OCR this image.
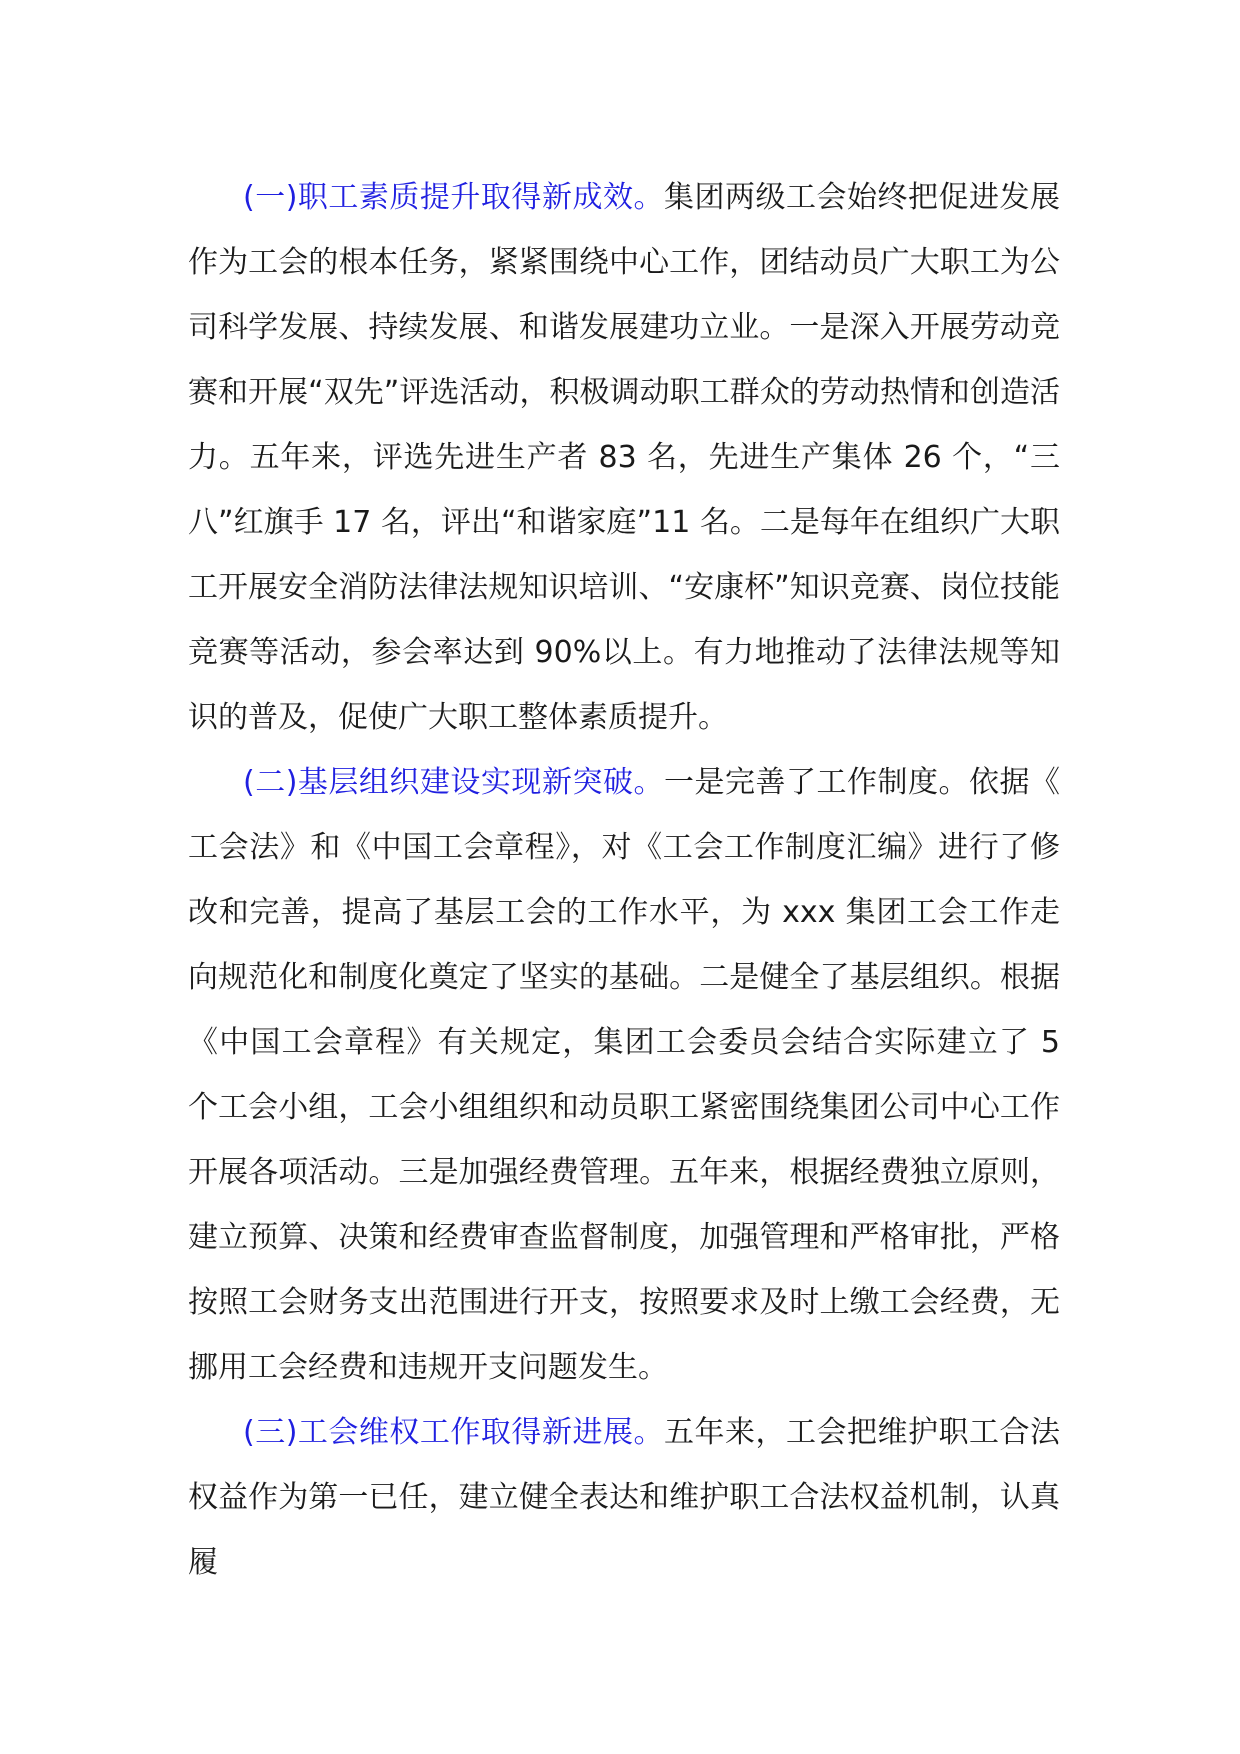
(一)职工素质提升取得新成效。集团两级工会始终把促进发展作为工会的根本任务，紧紧围绕中心工作，团结动员广大职工为公司科学发展、持续发展、和谐发展建功立业。一是深入开展劳动竞赛和开展“双先”评选活动，积极调动职工群众的劳动热情和创造活力。五年来，评选先进生产者 83 名，先进生产集体 26 个，“三八”红旗手 17 名，评出“和谐家庭”11 名。二是每年在组织广大职工开展安全消防法律法规知识培训、“安康杯”知识竞赛、岗位技能竞赛等活动，参会率达到 90%以上。有力地推动了法律法规等知识的普及，促使广大职工整体素质提升。

(二)基层组织建设实现新突破。一是完善了工作制度。依据《工会法》和《中国工会章程》，对《工会工作制度汇编》进行了修改和完善，提高了基层工会的工作水平，为 xxx 集团工会工作走向规范化和制度化奠定了坚实的基础。二是健全了基层组织。根据《中国工会章程》有关规定，集团工会委员会结合实际建立了 5 个工会小组，工会小组组织和动员职工紧密围绕集团公司中心工作开展各项活动。三是加强经费管理。五年来，根据经费独立原则，建立预算、决策和经费审查监督制度，加强管理和严格审批，严格按照工会财务支出范围进行开支，按照要求及时上缴工会经费，无挪用工会经费和违规开支问题发生。

(三)工会维权工作取得新进展。五年来，工会把维护职工合法权益作为第一已任，建立健全表达和维护职工合法权益机制，认真履
